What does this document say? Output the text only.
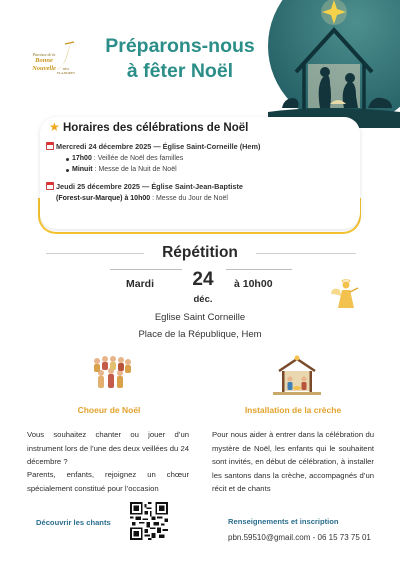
Paroisse de la
Bonne
Nouvelle	DES FLANDRES
Préparons-nous
à fêter Noël
★ Horaires des célébrations de Noël
Mercredi 24 décembre 2025 — Église Saint-Corneille (Hem)
17h00 : Veillée de Noël des familles
Minuit : Messe de la Nuit de Noël
Jeudi 25 décembre 2025 — Église Saint-Jean-Baptiste
(Forest-sur-Marque) à 10h00 : Messe du Jour de Noël
Répétition
Mardi 24
déc.
à 10h00
Eglise Saint Corneille
Place de la République, Hem
Choeur de Noël
Vous souhaitez chanter ou jouer d’un instrument lors de l’une des deux veillées du 24 décembre ?
Parents, enfants, rejoignez un chœur spécialement constitué pour l’occasion
Découvrir les chants
Installation de la crèche
Pour nous aider à entrer dans la célébration du mystère de Noël, les enfants qui le souhaitent sont invités, en début de célébration, à installer les santons dans la crèche, accompagnés d’un récit et de chants
Renseignements et inscription
pbn.59510@gmail.com - 06 15 73 75 01
